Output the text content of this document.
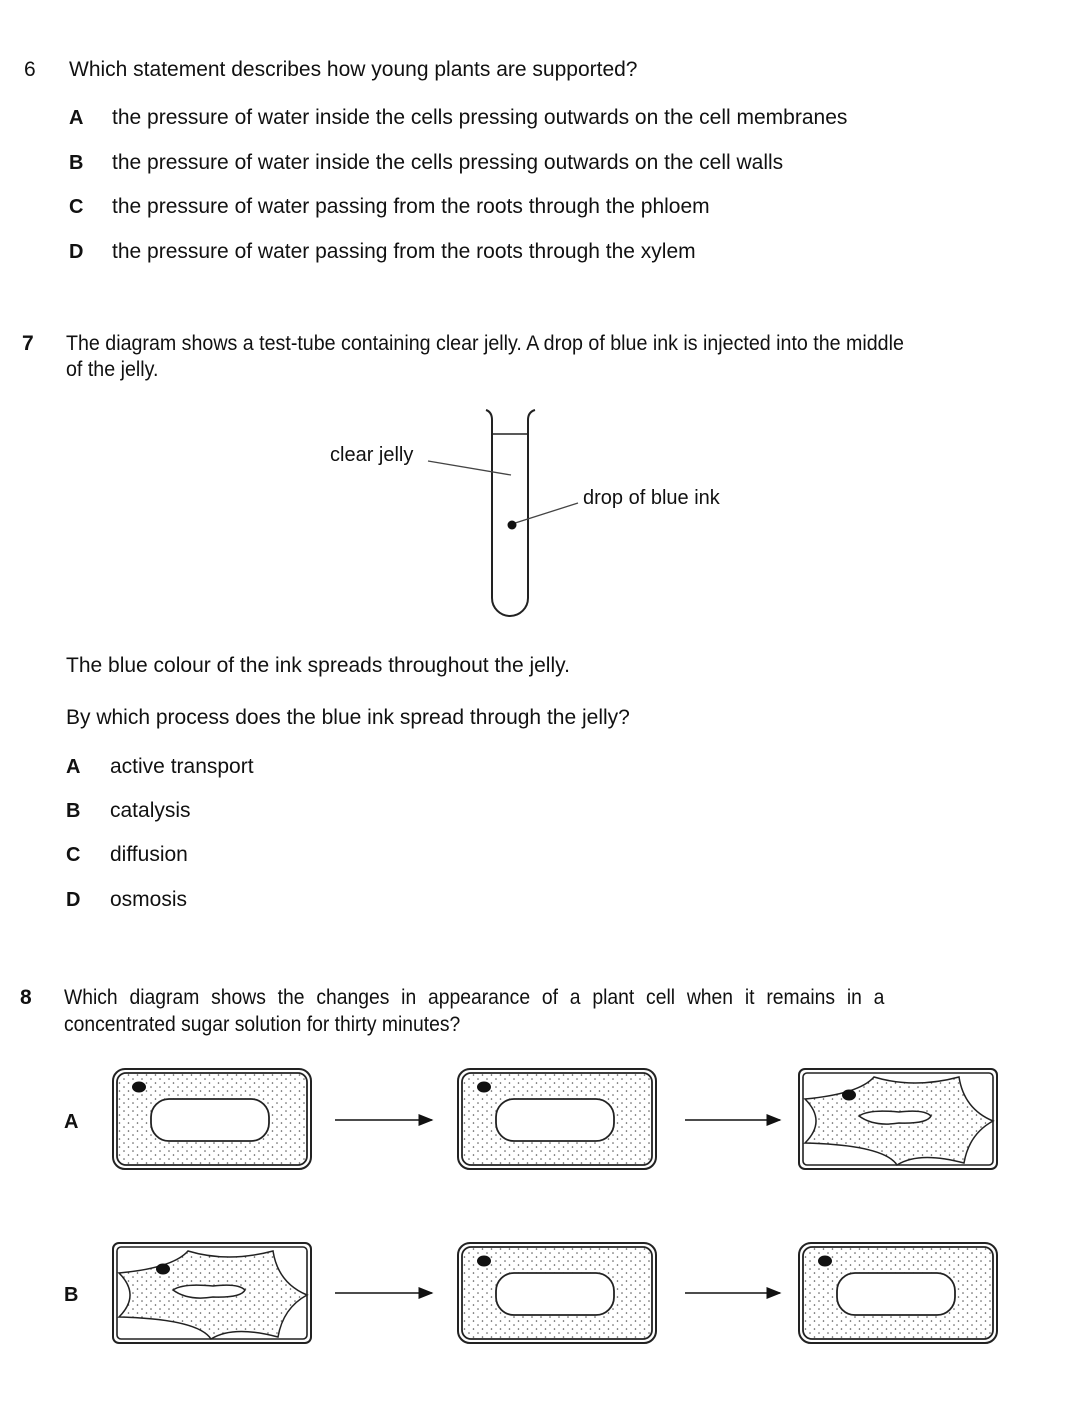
6 Which statement describes how young plants are supported?
A the pressure of water inside the cells pressing outwards on the cell membranes
B the pressure of water inside the cells pressing outwards on the cell walls
C the pressure of water passing from the roots through the phloem
D the pressure of water passing from the roots through the xylem
7 The diagram shows a test-tube containing clear jelly. A drop of blue ink is injected into the middle
of the jelly.
clear jelly
drop of blue ink
The blue colour of the ink spreads throughout the jelly.
By which process does the blue ink spread through the jelly?
A active transport
B catalysis
C diffusion
D osmosis
8 Which diagram shows the changes in appearance of a plant cell when it remains in a
concentrated sugar solution for thirty minutes?
A
B
